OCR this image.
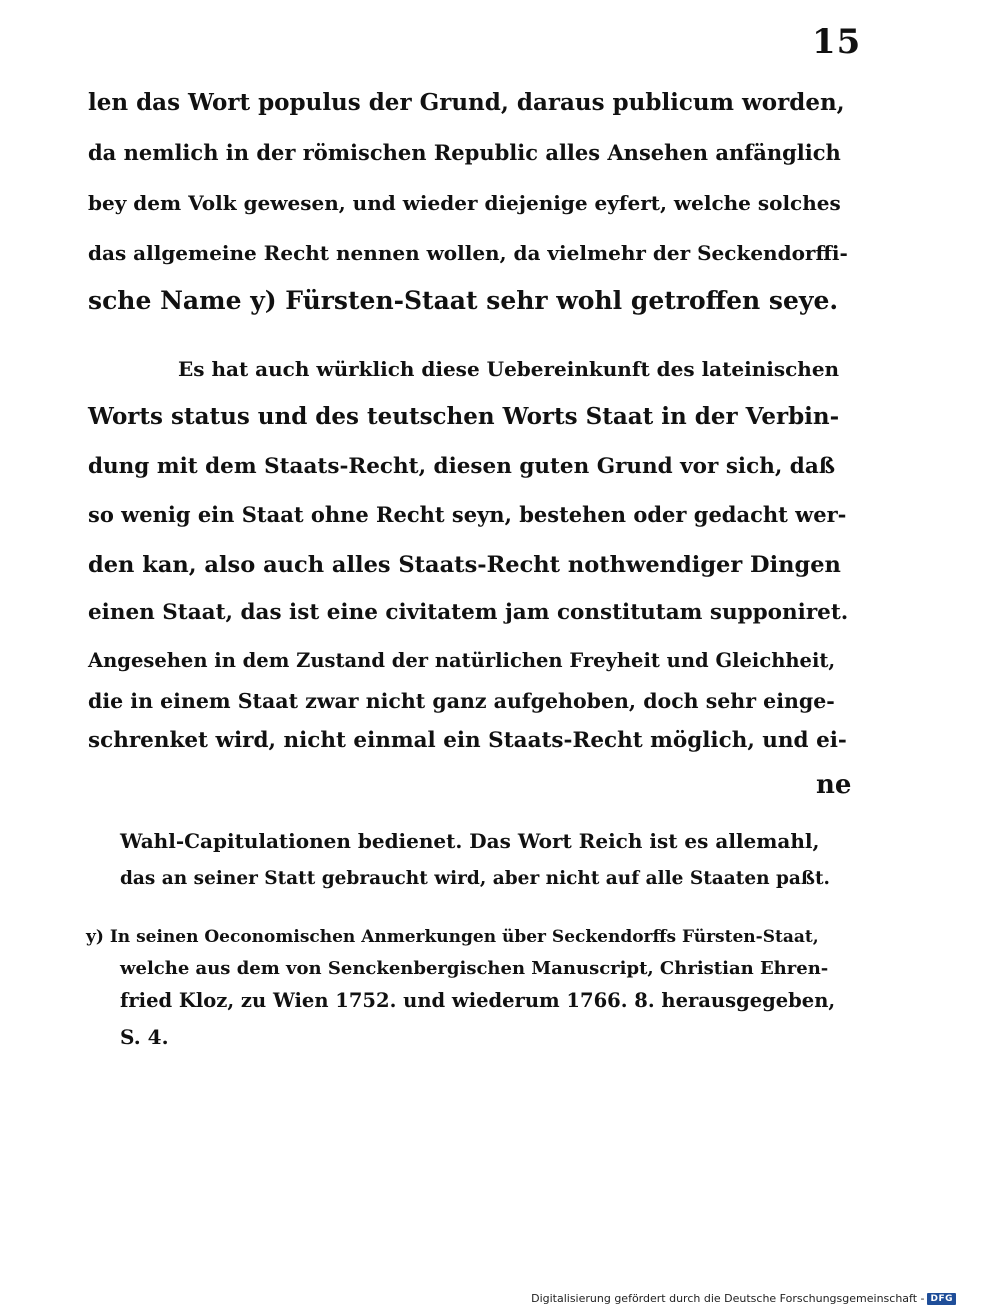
15
len das Wort populus der Grund, daraus publicum worden,
da nemlich in der römischen Republic alles Ansehen anfänglich
bey dem Volk gewesen, und wieder diejenige eyfert, welche solches
das allgemeine Recht nennen wollen, da vielmehr der Seckendorffi-
sche Name y) Fürsten-Staat sehr wohl getroffen seye.
Es hat auch würklich diese Uebereinkunft des lateinischen
Worts status und des teutschen Worts Staat in der Verbin-
dung mit dem Staats-Recht, diesen guten Grund vor sich, daß
so wenig ein Staat ohne Recht seyn, bestehen oder gedacht wer-
den kan, also auch alles Staats-Recht nothwendiger Dingen
einen Staat, das ist eine civitatem jam constitutam supponiret.
Angesehen in dem Zustand der natürlichen Freyheit und Gleichheit,
die in einem Staat zwar nicht ganz aufgehoben, doch sehr einge-
schrenket wird, nicht einmal ein Staats-Recht möglich, und ei-
ne
Wahl-Capitulationen bedienet. Das Wort Reich ist es allemahl,
das an seiner Statt gebraucht wird, aber nicht auf alle Staaten paßt.
y) In seinen Oeconomischen Anmerkungen über Seckendorffs Fürsten-Staat,
welche aus dem von Senckenbergischen Manuscript, Christian Ehren-
fried Kloz, zu Wien 1752. und wiederum 1766. 8. herausgegeben,
S. 4.
Digitalisierung gefördert durch die Deutsche Forschungsgemeinschaft - DFG
